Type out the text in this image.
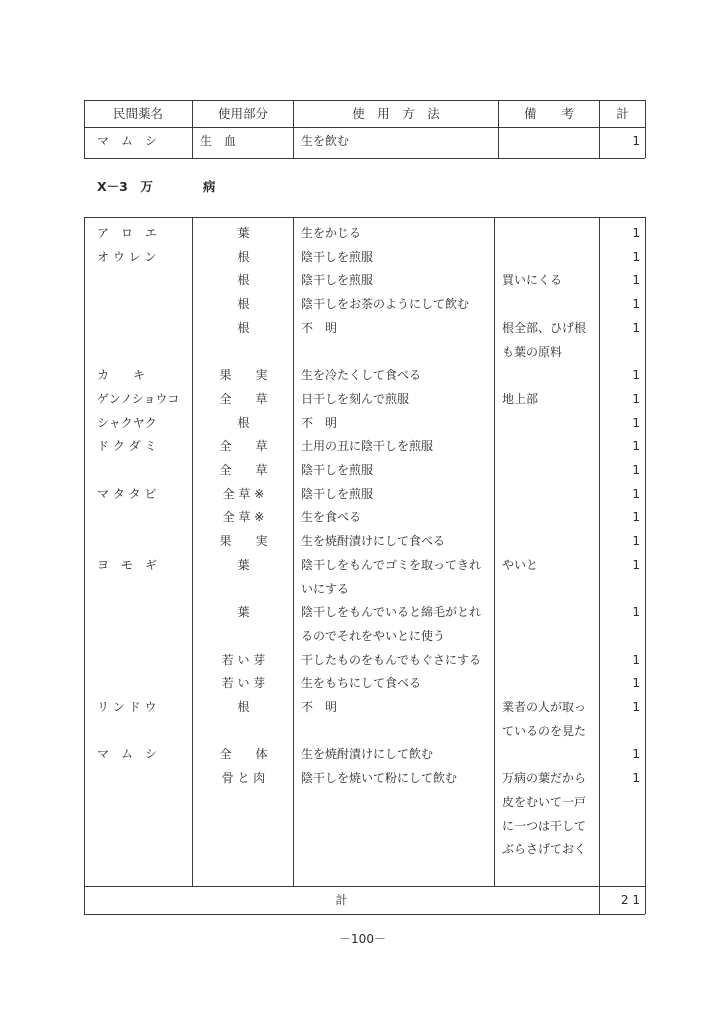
民間薬名	使用部分	使　用　方　法	備　　考	計
マ　ム　シ	生　血	生を飲む	1
X－3　万　　　　病
ア　ロ　エ	葉	生をかじる	1
オ ウ レ ン	根	陰干しを煎服	1
根	陰干しを煎服	買いにくる	1
根	陰干しをお茶のようにして飲む	1
根	不　明	根全部、ひげ根	1
も葉の原料
カ　　キ	果　　実	生を冷たくして食べる	1
ゲンノショウコ	全　　草	日干しを刻んで煎服	地上部	1
シャクヤク	根	不　明	1
ド ク ダ ミ	全　　草	土用の丑に陰干しを煎服	1
全　　草	陰干しを煎服	1
マ タ タ ビ	全 草 ※	陰干しを煎服	1
全 草 ※	生を食べる	1
果　　実	生を焼酎漬けにして食べる	1
ヨ　モ　ギ	葉	陰干しをもんでゴミを取ってきれ	やいと	1
いにする
葉	陰干しをもんでいると綿毛がとれ	1
るのでそれをやいとに使う
若 い 芽	干したものをもんでもぐさにする	1
若 い 芽	生をもちにして食べる	1
リ ン ド ウ	根	不　明	業者の人が取っ	1
ているのを見た
マ　ム　シ	全　　体	生を焼酎漬けにして飲む	1
骨 と 肉	陰干しを焼いて粉にして飲む	万病の葉だから	1
皮をむいて一戸
に一つは干して
ぶらさげておく
計	2 1
－100－
